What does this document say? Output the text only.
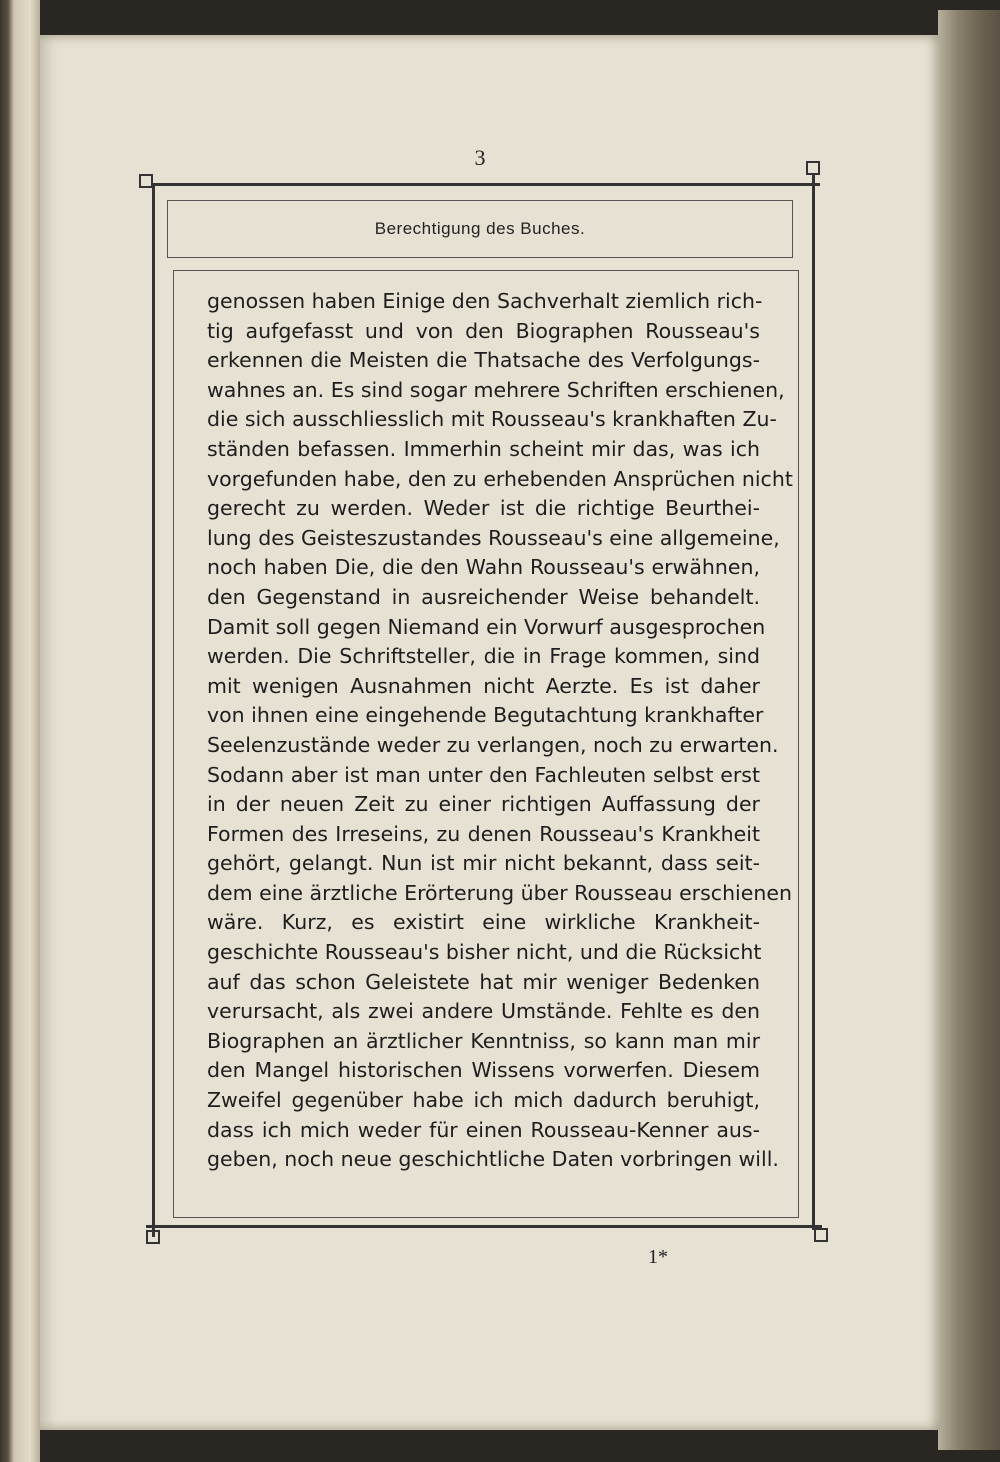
3
Berechtigung des Buches.
genossen haben Einige den Sachverhalt ziemlich rich-
tig aufgefasst und von den Biographen Rousseau's
erkennen die Meisten die Thatsache des Verfolgungs-
wahnes an. Es sind sogar mehrere Schriften erschienen,
die sich ausschliesslich mit Rousseau's krankhaften Zu-
ständen befassen. Immerhin scheint mir das, was ich
vorgefunden habe, den zu erhebenden Ansprüchen nicht
gerecht zu werden. Weder ist die richtige Beurthei-
lung des Geisteszustandes Rousseau's eine allgemeine,
noch haben Die, die den Wahn Rousseau's erwähnen,
den Gegenstand in ausreichender Weise behandelt.
Damit soll gegen Niemand ein Vorwurf ausgesprochen
werden. Die Schriftsteller, die in Frage kommen, sind
mit wenigen Ausnahmen nicht Aerzte. Es ist daher
von ihnen eine eingehende Begutachtung krankhafter
Seelenzustände weder zu verlangen, noch zu erwarten.
Sodann aber ist man unter den Fachleuten selbst erst
in der neuen Zeit zu einer richtigen Auffassung der
Formen des Irreseins, zu denen Rousseau's Krankheit
gehört, gelangt. Nun ist mir nicht bekannt, dass seit-
dem eine ärztliche Erörterung über Rousseau erschienen
wäre. Kurz, es existirt eine wirkliche Krankheit-
geschichte Rousseau's bisher nicht, und die Rücksicht
auf das schon Geleistete hat mir weniger Bedenken
verursacht, als zwei andere Umstände. Fehlte es den
Biographen an ärztlicher Kenntniss, so kann man mir
den Mangel historischen Wissens vorwerfen. Diesem
Zweifel gegenüber habe ich mich dadurch beruhigt,
dass ich mich weder für einen Rousseau-Kenner aus-
geben, noch neue geschichtliche Daten vorbringen will.
1*
